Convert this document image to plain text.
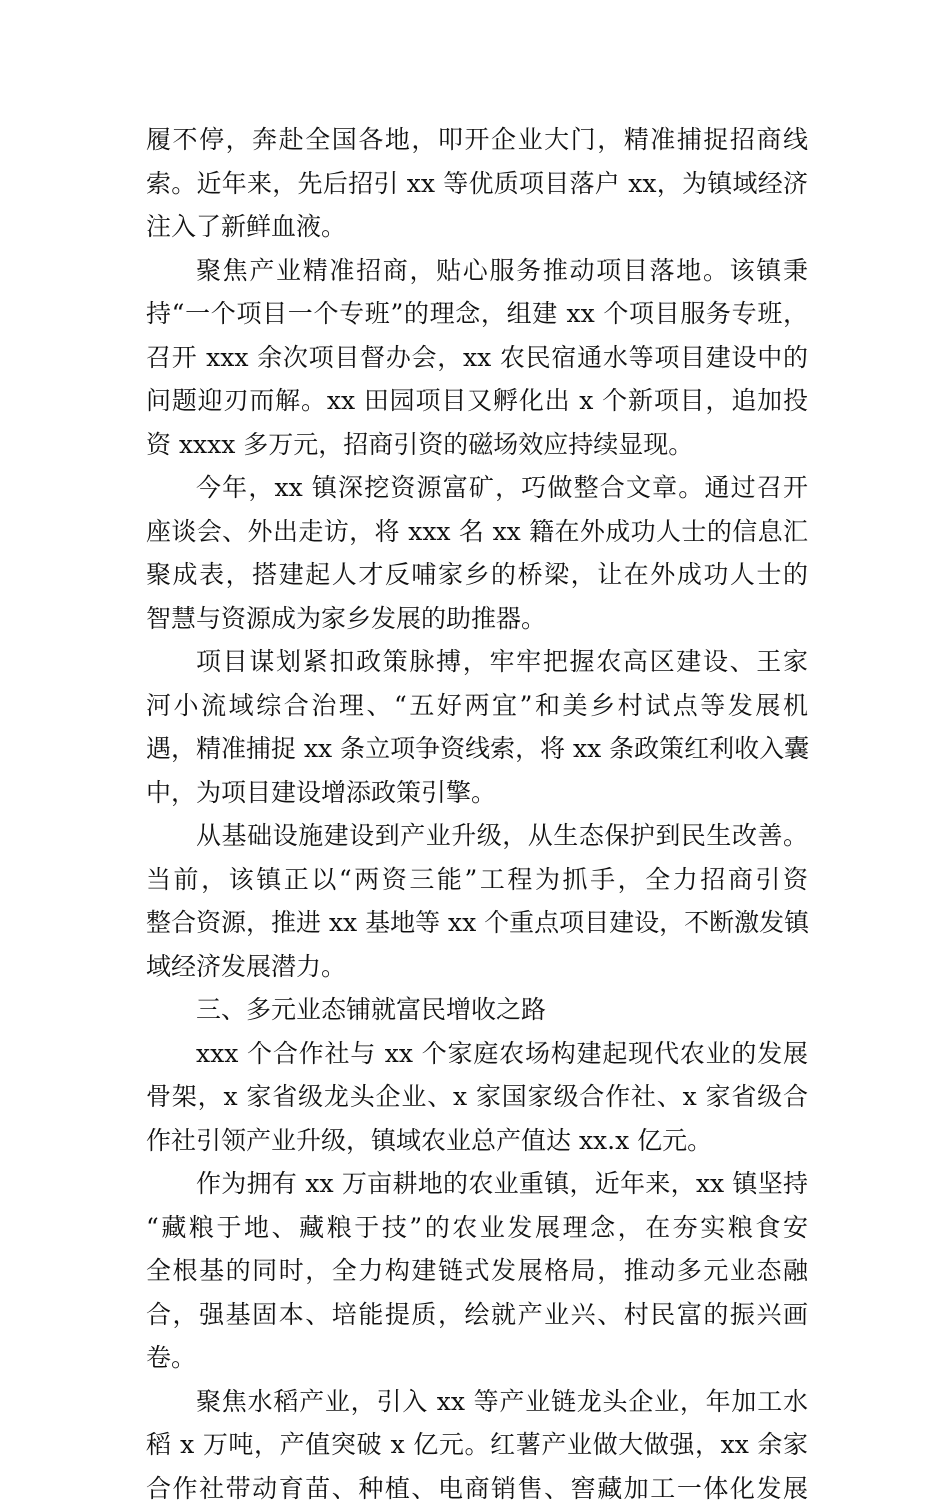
履不停，奔赴全国各地，叩开企业大门，精准捕捉招商线
索。近年来，先后招引 xx 等优质项目落户 xx，为镇域经济
注入了新鲜血液。
聚焦产业精准招商，贴心服务推动项目落地。该镇秉
持“一个项目一个专班”的理念，组建 xx 个项目服务专班，
召开 xxx 余次项目督办会，xx 农民宿通水等项目建设中的
问题迎刃而解。xx 田园项目又孵化出 x 个新项目，追加投
资 xxxx 多万元，招商引资的磁场效应持续显现。
今年，xx 镇深挖资源富矿，巧做整合文章。通过召开
座谈会、外出走访，将 xxx 名 xx 籍在外成功人士的信息汇
聚成表，搭建起人才反哺家乡的桥梁，让在外成功人士的
智慧与资源成为家乡发展的助推器。
项目谋划紧扣政策脉搏，牢牢把握农高区建设、王家
河小流域综合治理、“五好两宜”和美乡村试点等发展机
遇，精准捕捉 xx 条立项争资线索，将 xx 条政策红利收入囊
中，为项目建设增添政策引擎。
从基础设施建设到产业升级，从生态保护到民生改善。
当前，该镇正以“两资三能”工程为抓手，全力招商引资
整合资源，推进 xx 基地等 xx 个重点项目建设，不断激发镇
域经济发展潜力。
三、多元业态铺就富民增收之路
xxx 个合作社与 xx 个家庭农场构建起现代农业的发展
骨架，x 家省级龙头企业、x 家国家级合作社、x 家省级合
作社引领产业升级，镇域农业总产值达 xx.x 亿元。
作为拥有 xx 万亩耕地的农业重镇，近年来，xx 镇坚持
“藏粮于地、藏粮于技”的农业发展理念，在夯实粮食安
全根基的同时，全力构建链式发展格局，推动多元业态融
合，强基固本、培能提质，绘就产业兴、村民富的振兴画
卷。
聚焦水稻产业，引入 xx 等产业链龙头企业，年加工水
稻 x 万吨，产值突破 x 亿元。红薯产业做大做强，xx 余家
合作社带动育苗、种植、电商销售、窖藏加工一体化发展
